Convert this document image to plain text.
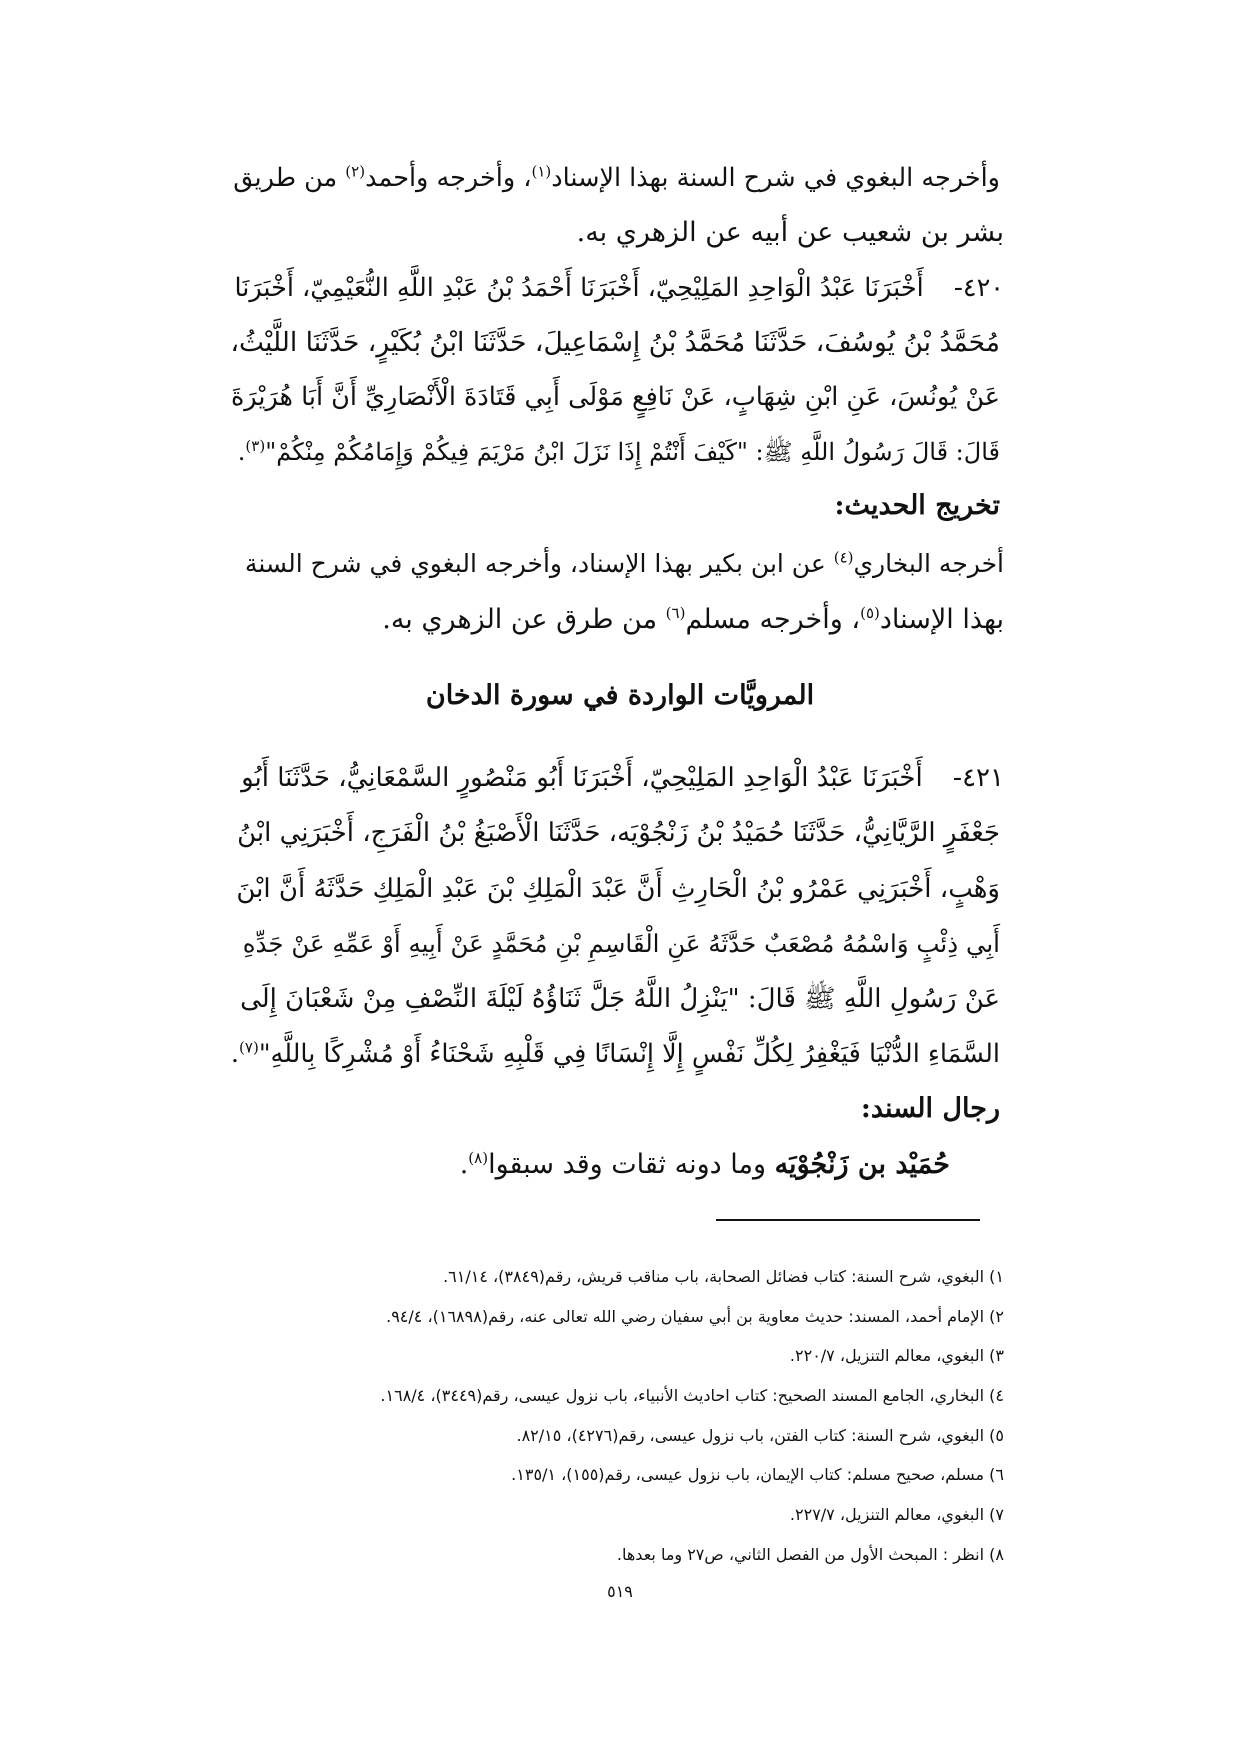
وأخرجه البغوي في شرح السنة بهذا الإسناد$^{(١)}$، وأخرجه وأحمد$^{(٢)}$ من طريق
بشر بن شعيب عن أبيه عن الزهري به.
٤٢٠-أَخْبَرَنَا عَبْدُ الْوَاحِدِ المَلِيْحِيّ، أَخْبَرَنَا أَحْمَدُ بْنُ عَبْدِ اللَّهِ النُّعَيْمِيّ، أَخْبَرَنَا
مُحَمَّدُ بْنُ يُوسُفَ، حَدَّثَنَا مُحَمَّدُ بْنُ إِسْمَاعِيلَ، حَدَّثَنَا ابْنُ بُكَيْرٍ، حَدَّثَنَا اللَّيْثُ،
عَنْ يُونُسَ، عَنِ ابْنِ شِهَابٍ، عَنْ نَافِعٍ مَوْلَى أَبِي قَتَادَةَ الْأَنْصَارِيِّ أَنَّ أَبَا هُرَيْرَةَ
قَالَ: قَالَ رَسُولُ اللَّهِ ﷺ: "كَيْفَ أَنْتُمْ إِذَا نَزَلَ ابْنُ مَرْيَمَ فِيكُمْ وَإِمَامُكُمْ مِنْكُمْ"$^{(٣)}$.
تخريج الحديث:
أخرجه البخاري$^{(٤)}$ عن ابن بكير بهذا الإسناد، وأخرجه البغوي في شرح السنة
بهذا الإسناد$^{(٥)}$، وأخرجه مسلم$^{(٦)}$ من طرق عن الزهري به.
المرويَّات الواردة في سورة الدخان
٤٢١-أَخْبَرَنَا عَبْدُ الْوَاحِدِ المَلِيْحِيّ، أَخْبَرَنَا أَبُو مَنْصُورٍ السَّمْعَانِيُّ، حَدَّثَنَا أَبُو
جَعْفَرٍ الرَّيَّانِيُّ، حَدَّثَنَا حُمَيْدُ بْنُ زَنْجُوْيَه، حَدَّثَنَا الْأَصْبَغُ بْنُ الْفَرَجِ، أَخْبَرَنِي ابْنُ
وَهْبٍ، أَخْبَرَنِي عَمْرُو بْنُ الْحَارِثِ أَنَّ عَبْدَ الْمَلِكِ بْنَ عَبْدِ الْمَلِكِ حَدَّثَهُ أَنَّ ابْنَ
أَبِي ذِئْبٍ وَاسْمُهُ مُصْعَبٌ حَدَّثَهُ عَنِ الْقَاسِمِ بْنِ مُحَمَّدٍ عَنْ أَبِيهِ أَوْ عَمِّهِ عَنْ جَدِّهِ
عَنْ رَسُولِ اللَّهِ ﷺ قَالَ: "يَنْزِلُ اللَّهُ جَلَّ ثَنَاؤُهُ لَيْلَةَ النِّصْفِ مِنْ شَعْبَانَ إِلَى
السَّمَاءِ الدُّنْيَا فَيَغْفِرُ لِكُلِّ نَفْسٍ إِلَّا إِنْسَانًا فِي قَلْبِهِ شَحْنَاءُ أَوْ مُشْرِكًا بِاللَّهِ"$^{(٧)}$.
رجال السند:
حُمَيْد بن زَنْجُوْيَه وما دونه ثقات وقد سبقوا$^{(٨)}$.
١) البغوي، شرح السنة: كتاب فضائل الصحابة، باب مناقب قريش، رقم(٣٨٤٩)، ٦١/١٤.
٢) الإمام أحمد، المسند: حديث معاوية بن أبي سفيان رضي الله تعالى عنه، رقم(١٦٨٩٨)، ٩٤/٤.
٣) البغوي، معالم التنزيل، ٢٢٠/٧.
٤) البخاري، الجامع المسند الصحيح: كتاب احاديث الأنبياء، باب نزول عيسى، رقم(٣٤٤٩)، ١٦٨/٤.
٥) البغوي، شرح السنة: كتاب الفتن، باب نزول عيسى، رقم(٤٢٧٦)، ٨٢/١٥.
٦) مسلم، صحيح مسلم: كتاب الإيمان، باب نزول عيسى، رقم(١٥٥)، ١٣٥/١.
٧) البغوي، معالم التنزيل، ٢٢٧/٧.
٨) انظر : المبحث الأول من الفصل الثاني، ص٢٧ وما بعدها.
٥١٩
